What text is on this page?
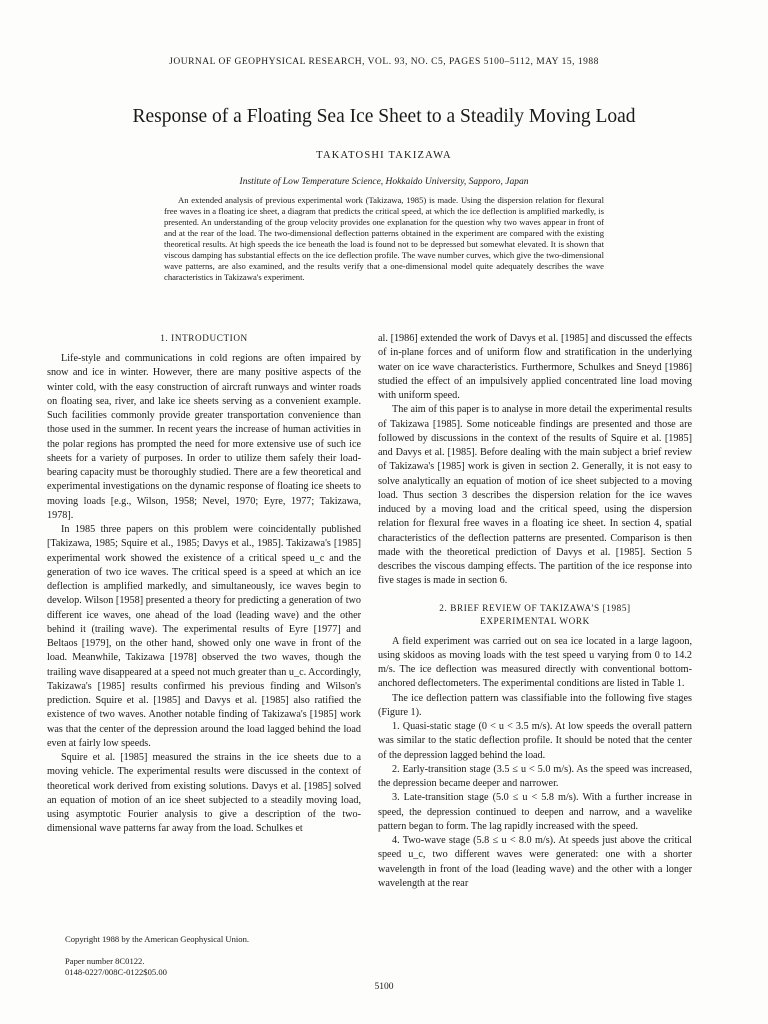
JOURNAL OF GEOPHYSICAL RESEARCH, VOL. 93, NO. C5, PAGES 5100–5112, MAY 15, 1988
Response of a Floating Sea Ice Sheet to a Steadily Moving Load
TAKATOSHI TAKIZAWA
Institute of Low Temperature Science, Hokkaido University, Sapporo, Japan

An extended analysis of previous experimental work (Takizawa, 1985) is made. Using the dispersion relation for flexural free waves in a floating ice sheet, a diagram that predicts the critical speed, at which the ice deflection is amplified markedly, is presented. An understanding of the group velocity provides one explanation for the question why two waves appear in front of and at the rear of the load. The two-dimensional deflection patterns obtained in the experiment are compared with the existing theoretical results. At high speeds the ice beneath the load is found not to be depressed but somewhat elevated. It is shown that viscous damping has substantial effects on the ice deflection profile. The wave number curves, which give the two-dimensional wave patterns, are also examined, and the results verify that a one-dimensional model quite adequately describes the wave characteristics in Takizawa's experiment.

1. INTRODUCTION

Life-style and communications in cold regions are often impaired by snow and ice in winter. However, there are many positive aspects of the winter cold, with the easy construction of aircraft runways and winter roads on floating sea, river, and lake ice sheets serving as a convenient example. Such facilities commonly provide greater transportation convenience than those used in the summer. In recent years the increase of human activities in the polar regions has prompted the need for more extensive use of such ice sheets for a variety of purposes. In order to utilize them safely their load-bearing capacity must be thoroughly studied. There are a few theoretical and experimental investigations on the dynamic response of floating ice sheets to moving loads [e.g., Wilson, 1958; Nevel, 1970; Eyre, 1977; Takizawa, 1978].

In 1985 three papers on this problem were coincidentally published [Takizawa, 1985; Squire et al., 1985; Davys et al., 1985]. Takizawa's [1985] experimental work showed the existence of a critical speed u_c and the generation of two ice waves. The critical speed is a speed at which an ice deflection is amplified markedly, and simultaneously, ice waves begin to develop. Wilson [1958] presented a theory for predicting a generation of two different ice waves, one ahead of the load (leading wave) and the other behind it (trailing wave). The experimental results of Eyre [1977] and Beltaos [1979], on the other hand, showed only one wave in front of the load. Meanwhile, Takizawa [1978] observed the two waves, though the trailing wave disappeared at a speed not much greater than u_c. Accordingly, Takizawa's [1985] results confirmed his previous finding and Wilson's prediction. Squire et al. [1985] and Davys et al. [1985] also ratified the existence of two waves. Another notable finding of Takizawa's [1985] work was that the center of the depression around the load lagged behind the load even at fairly low speeds.

Squire et al. [1985] measured the strains in the ice sheets due to a moving vehicle. The experimental results were discussed in the context of theoretical work derived from existing solutions. Davys et al. [1985] solved an equation of motion of an ice sheet subjected to a steadily moving load, using asymptotic Fourier analysis to give a description of the two-dimensional wave patterns far away from the load. Schulkes et

al. [1986] extended the work of Davys et al. [1985] and discussed the effects of in-plane forces and of uniform flow and stratification in the underlying water on ice wave characteristics. Furthermore, Schulkes and Sneyd [1986] studied the effect of an impulsively applied concentrated line load moving with uniform speed.

The aim of this paper is to analyse in more detail the experimental results of Takizawa [1985]. Some noticeable findings are presented and those are followed by discussions in the context of the results of Squire et al. [1985] and Davys et al. [1985]. Before dealing with the main subject a brief review of Takizawa's [1985] work is given in section 2. Generally, it is not easy to solve analytically an equation of motion of ice sheet subjected to a moving load. Thus section 3 describes the dispersion relation for the ice waves induced by a moving load and the critical speed, using the dispersion relation for flexural free waves in a floating ice sheet. In section 4, spatial characteristics of the deflection patterns are presented. Comparison is then made with the theoretical prediction of Davys et al. [1985]. Section 5 describes the viscous damping effects. The partition of the ice response into five stages is made in section 6.

2. BRIEF REVIEW OF TAKIZAWA'S [1985]
EXPERIMENTAL WORK

A field experiment was carried out on sea ice located in a large lagoon, using skidoos as moving loads with the test speed u varying from 0 to 14.2 m/s. The ice deflection was measured directly with conventional bottom-anchored deflectometers. The experimental conditions are listed in Table 1.

The ice deflection pattern was classifiable into the following five stages (Figure 1).

1. Quasi-static stage (0 < u < 3.5 m/s). At low speeds the overall pattern was similar to the static deflection profile. It should be noted that the center of the depression lagged behind the load.

2. Early-transition stage (3.5 ≤ u < 5.0 m/s). As the speed was increased, the depression became deeper and narrower.

3. Late-transition stage (5.0 ≤ u < 5.8 m/s). With a further increase in speed, the depression continued to deepen and narrow, and a wavelike pattern began to form. The lag rapidly increased with the speed.

4. Two-wave stage (5.8 ≤ u < 8.0 m/s). At speeds just above the critical speed u_c, two different waves were generated: one with a shorter wavelength in front of the load (leading wave) and the other with a longer wavelength at the rear

Copyright 1988 by the American Geophysical Union.
Paper number 8C0122.
0148-0227/008C-0122$05.00
5100
